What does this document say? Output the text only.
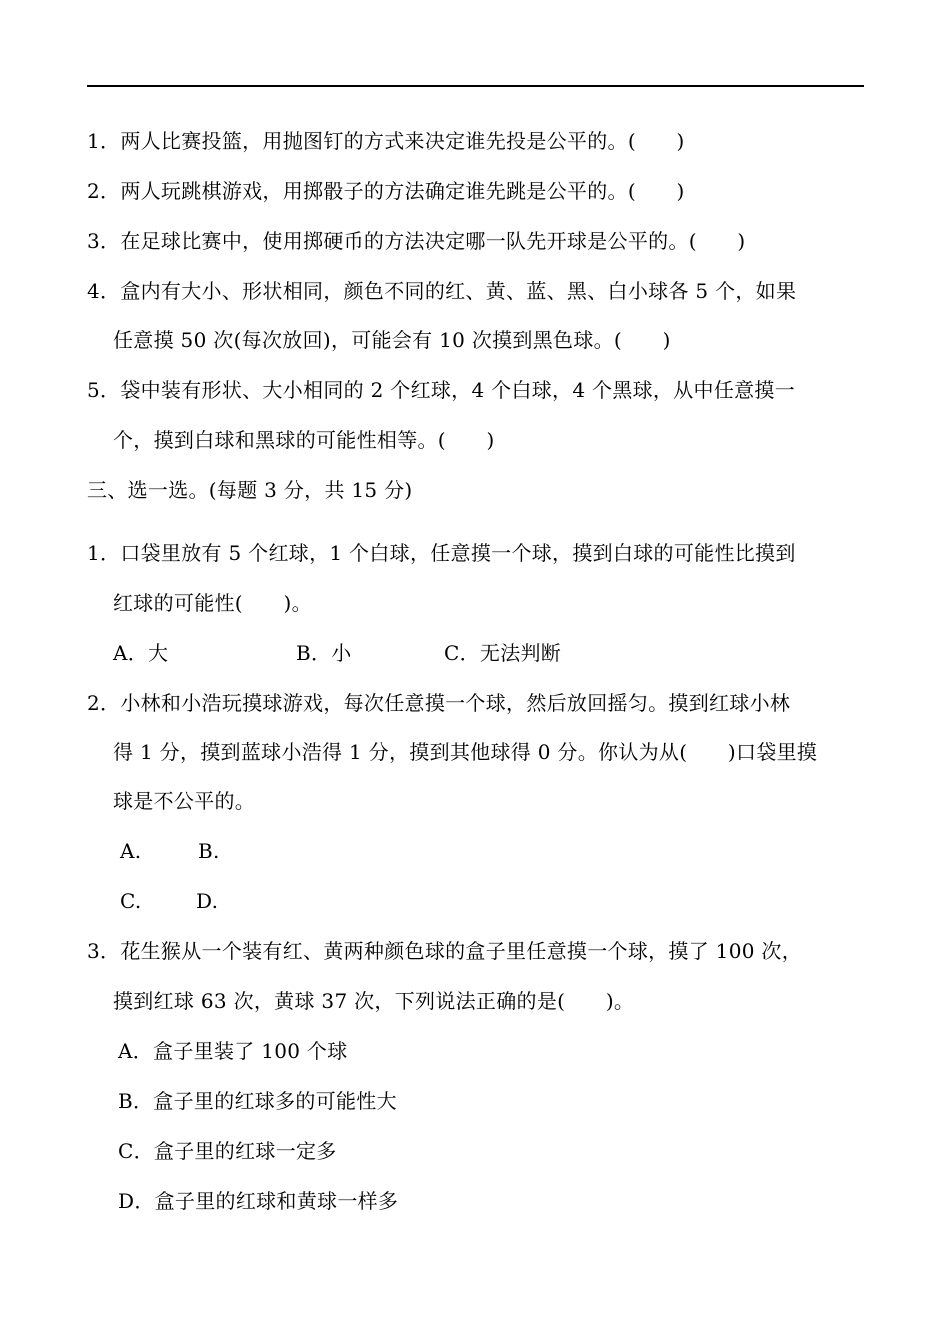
1．两人比赛投篮，用抛图钉的方式来决定谁先投是公平的。(　　)
2．两人玩跳棋游戏，用掷骰子的方法确定谁先跳是公平的。(　　)
3．在足球比赛中，使用掷硬币的方法决定哪一队先开球是公平的。(　　)
4．盒内有大小、形状相同，颜色不同的红、黄、蓝、黑、白小球各 5 个，如果
任意摸 50 次(每次放回)，可能会有 10 次摸到黑色球。(　　)
5．袋中装有形状、大小相同的 2 个红球，4 个白球，4 个黑球，从中任意摸一
个，摸到白球和黑球的可能性相等。(　　)
三、选一选。(每题 3 分，共 15 分)
1．口袋里放有 5 个红球，1 个白球，任意摸一个球，摸到白球的可能性比摸到
红球的可能性(　　)。
A．大	B．小	C．无法判断
2．小林和小浩玩摸球游戏，每次任意摸一个球，然后放回摇匀。摸到红球小林
得 1 分，摸到蓝球小浩得 1 分，摸到其他球得 0 分。你认为从(　　)口袋里摸
球是不公平的。
A.	B.
C.	D.
3．花生猴从一个装有红、黄两种颜色球的盒子里任意摸一个球，摸了 100 次，
摸到红球 63 次，黄球 37 次，下列说法正确的是(　　)。
A．盒子里装了 100 个球
B．盒子里的红球多的可能性大
C．盒子里的红球一定多
D．盒子里的红球和黄球一样多
